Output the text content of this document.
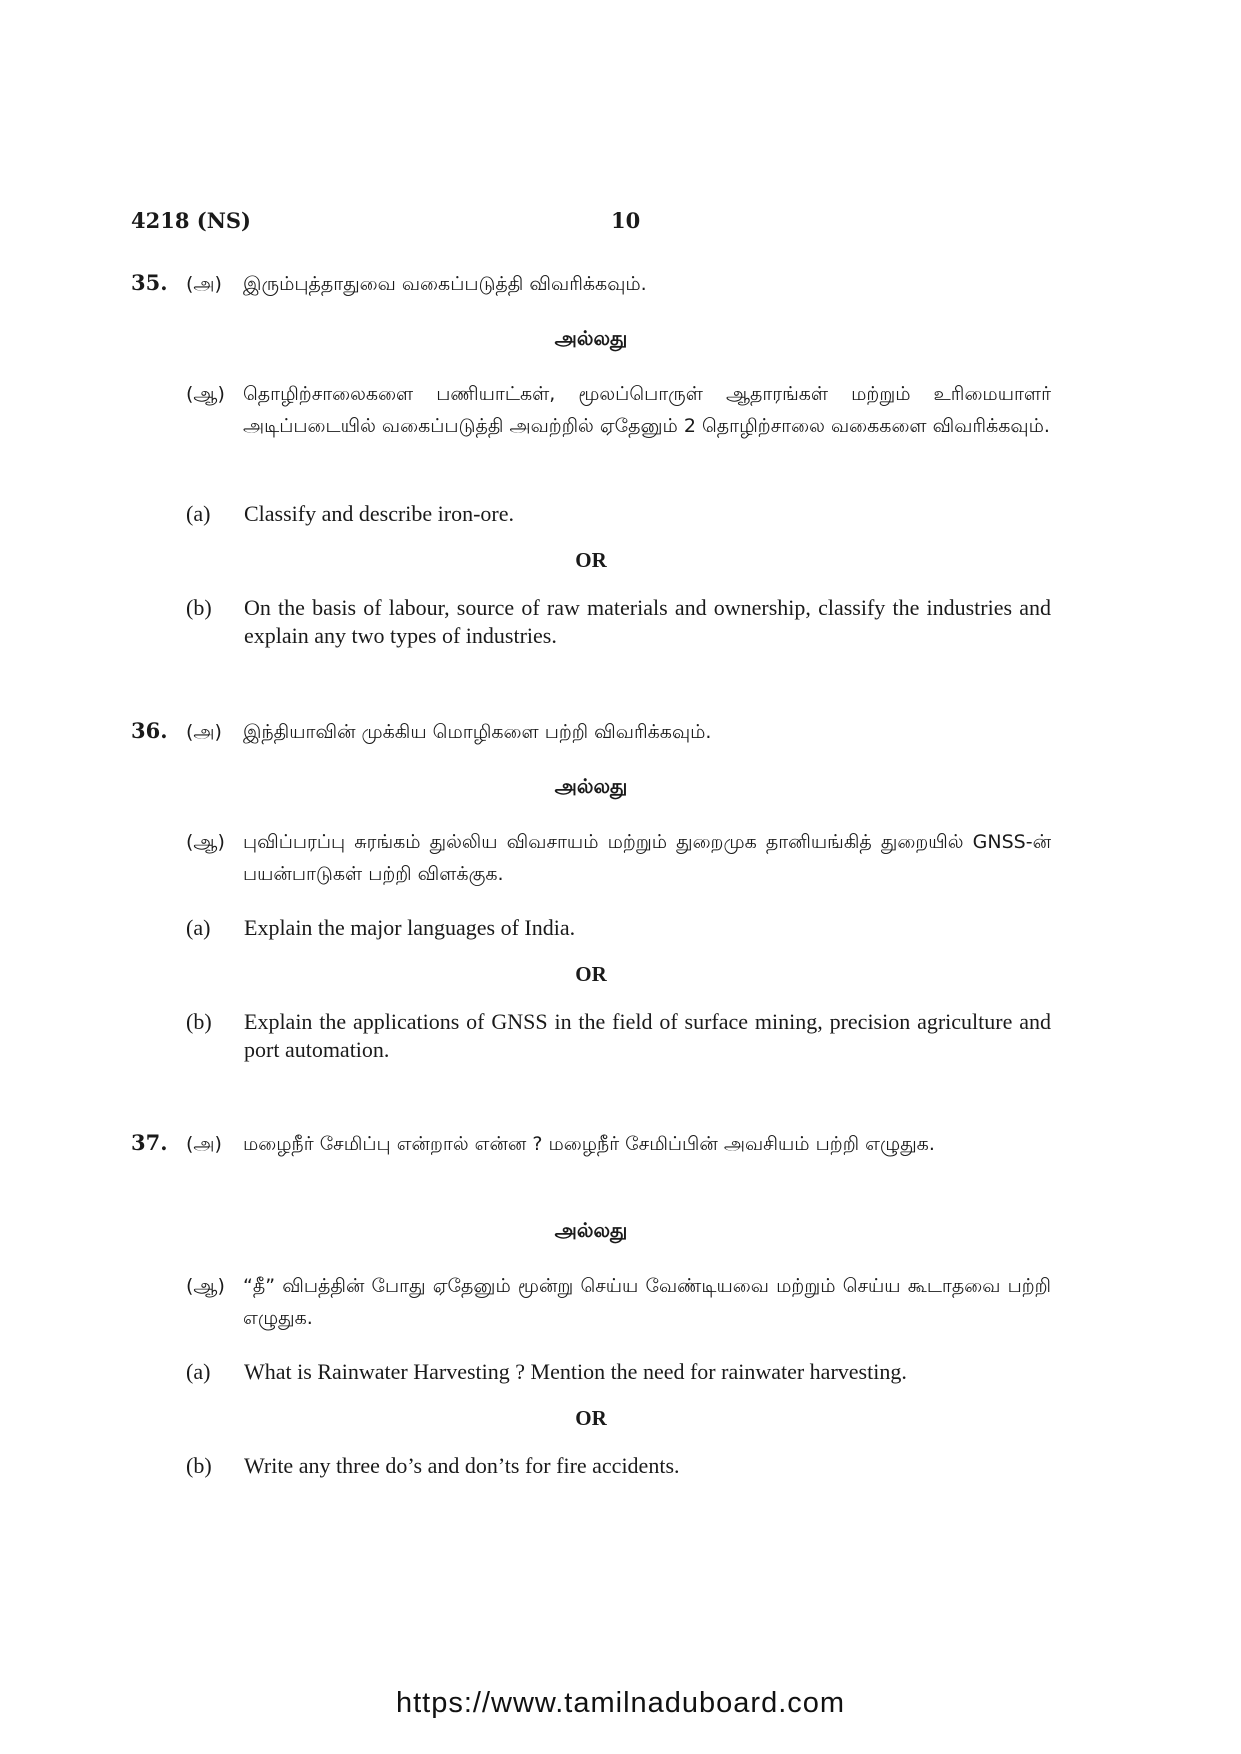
4218 (NS)	10
35. (அ) இரும்புத்தாதுவை வகைப்படுத்தி விவரிக்கவும்.
அல்லது
(ஆ) தொழிற்சாலைகளை பணியாட்கள், மூலப்பொருள் ஆதாரங்கள் மற்றும் உரிமையாளர் அடிப்படையில் வகைப்படுத்தி அவற்றில் ஏதேனும் 2 தொழிற்சாலை வகைகளை விவரிக்கவும்.
(a) Classify and describe iron-ore.
OR
(b) On the basis of labour, source of raw materials and ownership, classify the industries and explain any two types of industries.
36. (அ) இந்தியாவின் முக்கிய மொழிகளை பற்றி விவரிக்கவும்.
அல்லது
(ஆ) புவிப்பரப்பு சுரங்கம் துல்லிய விவசாயம் மற்றும் துறைமுக தானியங்கித் துறையில் GNSS-ன் பயன்பாடுகள் பற்றி விளக்குக.
(a) Explain the major languages of India.
OR
(b) Explain the applications of GNSS in the field of surface mining, precision agriculture and port automation.
37. (அ) மழைநீர் சேமிப்பு என்றால் என்ன ? மழைநீர் சேமிப்பின் அவசியம் பற்றி எழுதுக.
அல்லது
(ஆ) “தீ” விபத்தின் போது ஏதேனும் மூன்று செய்ய வேண்டியவை மற்றும் செய்ய கூடாதவை பற்றி எழுதுக.
(a) What is Rainwater Harvesting ? Mention the need for rainwater harvesting.
OR
(b) Write any three do’s and don’ts for fire accidents.
https://www.tamilnaduboard.com
